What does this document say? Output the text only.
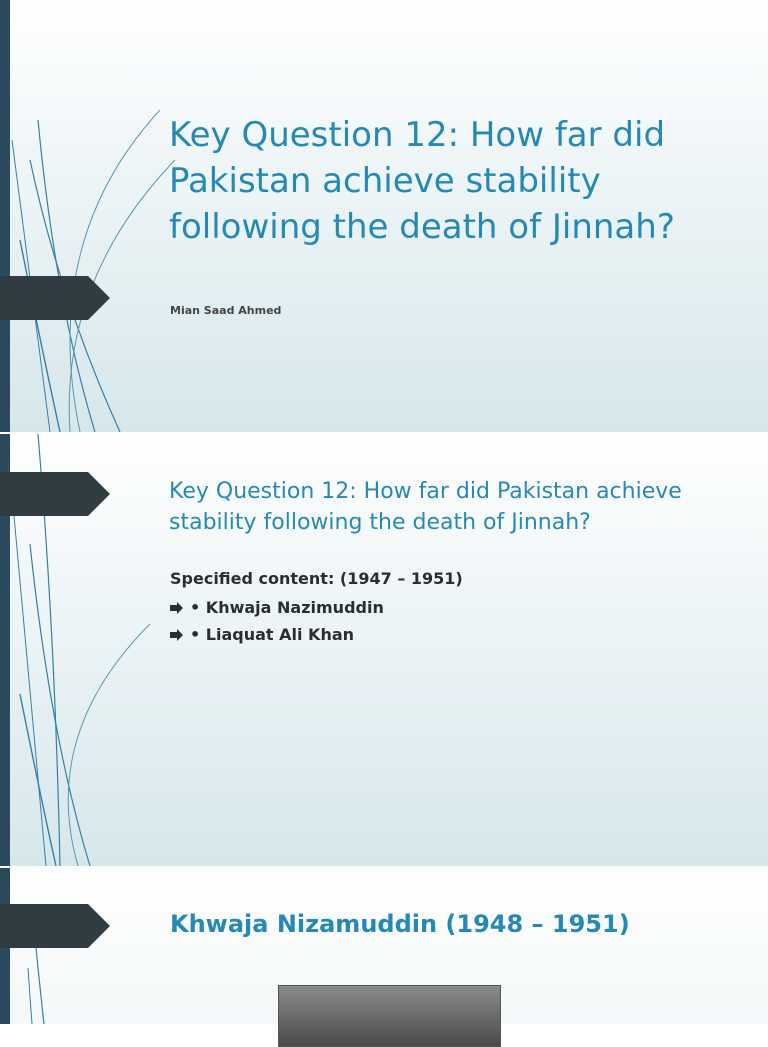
Key Question 12: How far did Pakistan achieve stability following the death of Jinnah?

Mian Saad Ahmed

Key Question 12: How far did Pakistan achieve stability following the death of Jinnah?

Specified content: (1947 – 1951)

• Khwaja Nazimuddin
• Liaquat Ali Khan
Khwaja Nizamuddin (1948 – 1951)
